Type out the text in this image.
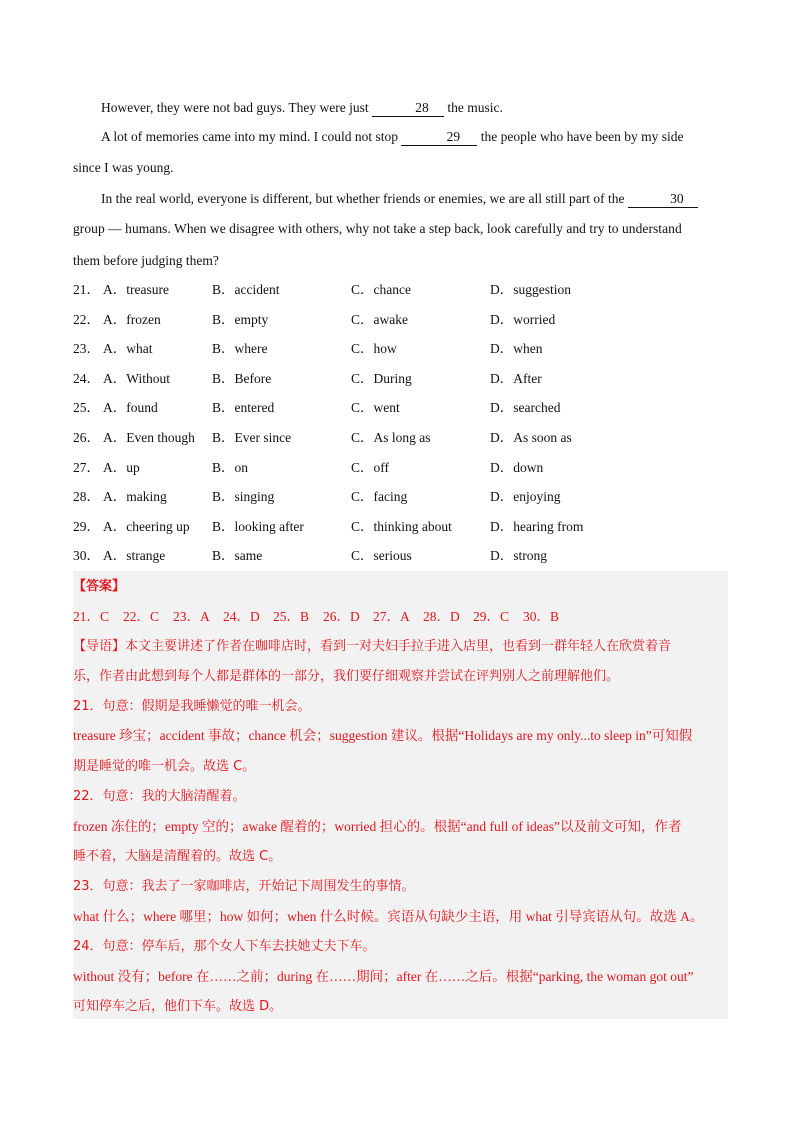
However, they were not bad guys. They were just	28 the music.
A lot of memories came into my mind. I could not stop	29 the people who have been by my side
since I was young.
In the real world, everyone is different, but whether friends or enemies, we are all still part of the	30
group — humans. When we disagree with others, why not take a step back, look carefully and try to understand
them before judging them?
21． A．treasure	B．accident	C．chance	D．suggestion
22． A．frozen	B．empty	C．awake	D．worried
23． A．what	B．where	C．how	D．when
24． A．Without	B．Before	C．During	D．After
25． A．found	B．entered	C．went	D．searched
26． A．Even though	B．Ever since	C．As long as	D．As soon as
27． A．up	B．on	C．off	D．down
28． A．making	B．singing	C．facing	D．enjoying
29． A．cheering up	B．looking after	C．thinking about	D．hearing from
30． A．strange	B．same	C．serious	D．strong
【答案】
21．C	22．C	23．A 24．D 25．B	26．D 27．A 28．D 29．C	30．B
【导语】本文主要讲述了作者在咖啡店时，看到一对夫妇手拉手进入店里，也看到一群年轻人在欣赏着音
乐，作者由此想到每个人都是群体的一部分，我们要仔细观察并尝试在评判别人之前理解他们。
21．句意：假期是我睡懒觉的唯一机会。
treasure 珍宝；accident 事故；chance 机会；suggestion 建议。根据“Holidays are my only...to sleep in”可知假
期是睡觉的唯一机会。故选 C。
22．句意：我的大脑清醒着。
frozen 冻住的；empty 空的；awake 醒着的；worried 担心的。根据“and full of ideas”以及前文可知，作者
睡不着，大脑是清醒着的。故选 C。
23．句意：我去了一家咖啡店，开始记下周围发生的事情。
what 什么；where 哪里；how 如何；when 什么时候。宾语从句缺少主语，用 what 引导宾语从句。故选 A。
24．句意：停车后，那个女人下车去扶她丈夫下车。
without 没有；before 在……之前；during 在……期间；after 在……之后。根据“parking, the woman got out”
可知停车之后，他们下车。故选 D。
